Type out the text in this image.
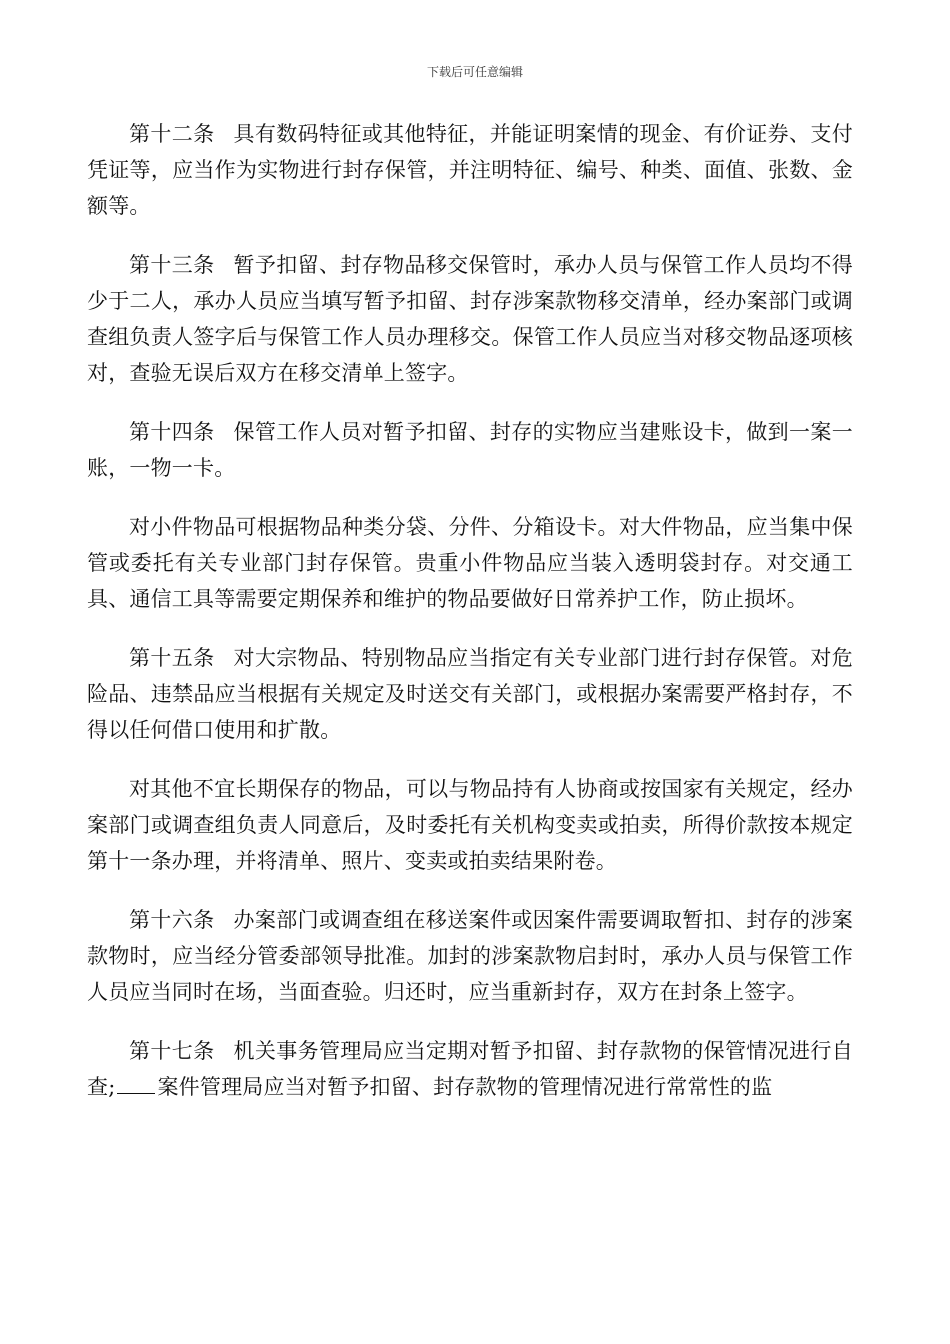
下载后可任意编辑

第十二条 具有数码特征或其他特征，并能证明案情的现金、有价证券、支付凭证等，应当作为实物进行封存保管，并注明特征、编号、种类、面值、张数、金额等。

第十三条 暂予扣留、封存物品移交保管时，承办人员与保管工作人员均不得少于二人，承办人员应当填写暂予扣留、封存涉案款物移交清单，经办案部门或调查组负责人签字后与保管工作人员办理移交。保管工作人员应当对移交物品逐项核对，查验无误后双方在移交清单上签字。

第十四条 保管工作人员对暂予扣留、封存的实物应当建账设卡，做到一案一账，一物一卡。

对小件物品可根据物品种类分袋、分件、分箱设卡。对大件物品，应当集中保管或委托有关专业部门封存保管。贵重小件物品应当装入透明袋封存。对交通工具、通信工具等需要定期保养和维护的物品要做好日常养护工作，防止损坏。

第十五条 对大宗物品、特别物品应当指定有关专业部门进行封存保管。对危险品、违禁品应当根据有关规定及时送交有关部门，或根据办案需要严格封存，不得以任何借口使用和扩散。

对其他不宜长期保存的物品，可以与物品持有人协商或按国家有关规定，经办案部门或调查组负责人同意后，及时委托有关机构变卖或拍卖，所得价款按本规定第十一条办理，并将清单、照片、变卖或拍卖结果附卷。

第十六条 办案部门或调查组在移送案件或因案件需要调取暂扣、封存的涉案款物时，应当经分管委部领导批准。加封的涉案款物启封时，承办人员与保管工作人员应当同时在场，当面查验。归还时，应当重新封存，双方在封条上签字。

第十七条 机关事务管理局应当定期对暂予扣留、封存款物的保管情况进行自查; 案件管理局应当对暂予扣留、封存款物的管理情况进行常常性的监
